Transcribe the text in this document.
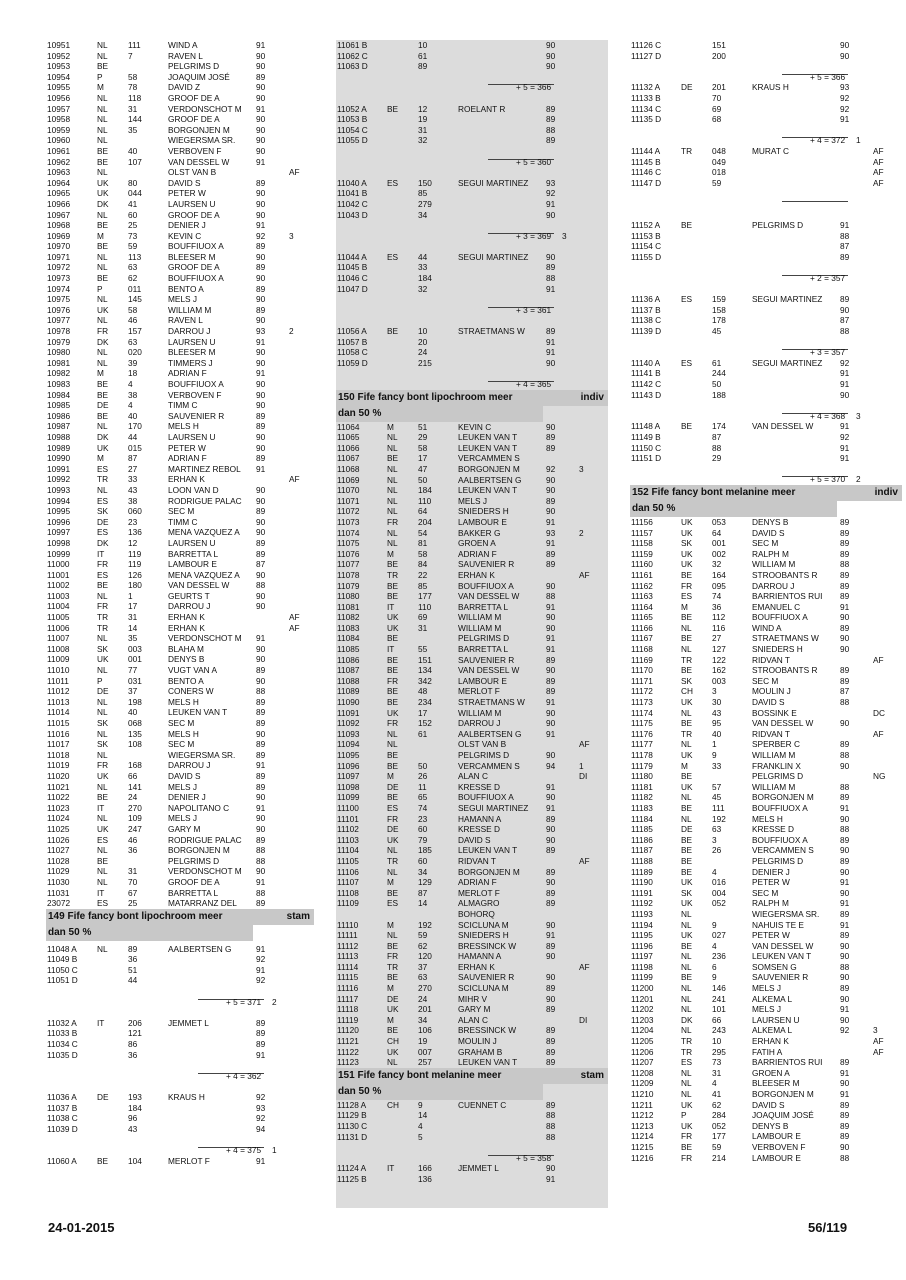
10951	NL 111	WIND A	91
10952	NL 7	RAVEN L	90
10953	BE	PELGRIMS D	90
10954	P	58	JOAQUIM JOSÉ	89
10955	M	78	DAVID Z	90
10956	NL 118	GROOF DE A	90
10957	NL 31	VERDONSCHOT M 91
10958	NL 144	GROOF DE A	90
10959	NL 35	BORGONJEN M	90
10960	NL	WIEGERSMA SR. 90
10961	BE 40	VERBOVEN F	90
10962	BE 107	VAN DESSEL W	91
10963	NL	OLST VAN B	AF
10964	UK 80	DAVID S	89
10965	UK 044	PETER W	90
10966	DK 41	LAURSEN U	90
10967	NL 60	GROOF DE A	90
10968	BE 25	DENIER J	91
10969	M	73	KEVIN C	92	3
10970	BE 59	BOUFFIUOX A	89
10971	NL 113	BLEESER M	90
10972	NL 63	GROOF DE A	89
10973	BE 62	BOUFFIUOX A	90
10974	P	011	BENTO A	89
10975	NL 145	MELS J	90
10976	UK 58	WILLIAM M	89
10977	NL 46	RAVEN L	90
10978	FR 157	DARROU J	93	2
10979	DK 63	LAURSEN U	91
10980	NL 020	BLEESER M	90
10981	NL 39	TIMMERS J	90
10982	M	18	ADRIAN F	91
10983	BE 4	BOUFFIUOX A	90
10984	BE 38	VERBOVEN F	90
10985	DE 4	TIMM C	90
10986	BE 40	SAUVENIER R	89
10987	NL 170	MELS H	89
10988	DK 44	LAURSEN U	90
10989	UK 015	PETER W	90
10990	M	87	ADRIAN F	89
10991	ES 27	MARTINEZ REBOL 91
10992	TR 33	ERHAN K	AF
10993	NL 43	LOON VAN D	90
10994	ES 38	RODRIGUE PALAC 90
10995	SK 060	SEC M	89
10996	DE 23	TIMM C	90
10997	ES 136	MENA VAZQUEZ A 90
10998	DK 12	LAURSEN U	89
10999	IT	119	BARRETTA L	89
11000	FR 119	LAMBOUR E	87
11001	ES 126	MENA VAZQUEZ A 90
11002	BE 180	VAN DESSEL W	88
11003	NL 1	GEURTS T	90
11004	FR 17	DARROU J	90
11005	TR 31	ERHAN K	AF
11006	TR 14	ERHAN K	AF
11007	NL 35	VERDONSCHOT M 91
11008	SK 003	BLAHA M	90
11009	UK 001	DENYS B	90
11010	NL 77	VUGT VAN A	89
11011	P	031	BENTO A	90
11012	DE 37	CONERS W	88
11013	NL 198	MELS H	89
11014	NL 40	LEUKEN VAN T	89
11015	SK 068	SEC M	89
11016	NL 135	MELS H	90
11017	SK 108	SEC M	89
11018	NL	WIEGERSMA SR. 89
11019	FR 168	DARROU J	91
11020	UK 66	DAVID S	89
11021	NL 141	MELS J	89
11022	BE 24	DENIER J	90
11023	IT	270	NAPOLITANO C	91
11024	NL 109	MELS J	90
11025	UK 247	GARY M	90
11026	ES 46	RODRIGUE PALAC 89
11027	NL 36	BORGONJEN M	88
11028	BE	PELGRIMS D	88
11029	NL 31	VERDONSCHOT M 90
11030	NL 70	GROOF DE A	91
11031	IT	67	BARRETTA L	88
23072	ES 25	MATARRANZ DEL 89
149 Fife fancy bont lipochroom meer	stam
dan 50 %
11048 A NL 89	AALBERTSEN G	91
11049 B	36	92
11050 C	51	91
11051 D	44	92
+ 5 = 371 2
11032 A IT	206	JEMMET L	89
11033 B	121	89
11034 C	86	89
11035 D	36	91
+ 4 = 362
11036 A DE 193	KRAUS H	92
11037 B	184	93
11038 C	96	92
11039 D	43	94
+ 4 = 375 1
11060 A BE 104	MERLOT F	91
11061 B	10	90
11062 C	61	90
11063 D	89	90
+ 5 = 366
11052 A BE 12	ROELANT R	89
11053 B	19	89
11054 C	31	88
11055 D	32	89
+ 5 = 360
11040 A ES 150	SEGUI MARTINEZ 93
11041 B	85	92
11042 C	279	91
11043 D	34	90
+ 3 = 369 3
11044 A ES 44	SEGUI MARTINEZ 90
11045 B	33	89
11046 C	184	88
11047 D	32	91
+ 3 = 361
11056 A BE 10	STRAETMANS W	89
11057 B	20	91
11058 C	24	91
11059 D	215	90
+ 4 = 365
150 Fife fancy bont lipochroom meer	indiv
dan 50 %
11064	M	51	KEVIN C	90
11065	NL 29	LEUKEN VAN T	89
11066	NL 58	LEUKEN VAN T	89
11067	BE 17	VERCAMMEN S
11068	NL 47	BORGONJEN M	92	3
11069	NL 50	AALBERTSEN G	90
11070	NL 184	LEUKEN VAN T	90
11071	NL 110	MELS J	89
11072	NL 64	SNIEDERS H	90
11073	FR 204	LAMBOUR E	91
11074	NL 54	BAKKER G	93	2
11075	NL 81	GROEN A	91
11076	M	58	ADRIAN F	89
11077	BE 84	SAUVENIER R	89
11078	TR 22	ERHAN K	AF
11079	BE 85	BOUFFIUOX A	90
11080	BE 177	VAN DESSEL W	88
11081	IT	110	BARRETTA L	91
11082	UK 69	WILLIAM M	90
11083	UK 31	WILLIAM M	90
11084	BE	PELGRIMS D	91
11085	IT	55	BARRETTA L	91
11086	BE 151	SAUVENIER R	89
11087	BE 134	VAN DESSEL W	90
11088	FR 342	LAMBOUR E	89
11089	BE 48	MERLOT F	89
11090	BE 234	STRAETMANS W	91
11091	UK 17	WILLIAM M	90
11092	FR 152	DARROU J	90
11093	NL 61	AALBERTSEN G	91
11094	NL	OLST VAN B	AF
11095	BE	PELGRIMS D	90
11096	BE 50	VERCAMMEN S	94	1
11097	M	26	ALAN C	DI
11098	DE 11	KRESSE D	91
11099	BE 65	BOUFFIUOX A	90
11100	ES 74	SEGUI MARTINEZ 91
11101	FR 23	HAMANN A	89
11102	DE 60	KRESSE D	90
11103	UK 79	DAVID S	90
11104	NL 185	LEUKEN VAN T	89
11105	TR 60	RIDVAN T	AF
11106	NL 34	BORGONJEN M	89
11107	M	129	ADRIAN F	90
11108	BE 87	MERLOT F	89
11109	ES 14	ALMAGRO	89
BOHORQ
11110	M	192	SCICLUNA M	90
11111	NL 59	SNIEDERS H	91
11112	BE 62	BRESSINCK W	89
11113	FR 120	HAMANN A	90
11114	TR 37	ERHAN K	AF
11115	BE 63	SAUVENIER R	90
11116	M	270	SCICLUNA M	89
11117	DE 24	MIHR V	90
11118	UK 201	GARY M	89
11119	M	34	ALAN C	DI
11120	BE 106	BRESSINCK W	89
11121	CH 19	MOULIN J	89
11122	UK 007	GRAHAM B	89
11123	NL 257	LEUKEN VAN T	89
151 Fife fancy bont melanine meer	stam
dan 50 %
11128 A	CH 9	CUENNET C	89
11129 B	14	88
11130 C	4	88
11131 D	5	88
+ 5 = 358
11124 A	IT	166	JEMMET L	90
11125 B	136	91
11126 C	151	90
11127 D	200	90
+ 5 = 366
11132 A	DE 201	KRAUS H	93
11133 B	70	92
11134 C	69	92
11135 D	68	91
+ 4 = 372 1
11144 A	TR 048	MURAT C	AF
11145 B	049	AF
11146 C	018	AF
11147 D	59	AF
11152 A	BE	PELGRIMS D	91
11153 B	88
11154 C	87
11155 D	89
+ 2 = 357
11136 A	ES 159	SEGUI MARTINEZ 89
11137 B	158	90
11138 C	178	87
11139 D	45	88
+ 3 = 357
11140 A	ES 61	SEGUI MARTINEZ 92
11141 B	244	91
11142 C	50	91
11143 D	188	90
+ 4 = 368 3
11148 A	BE 174	VAN DESSEL W	91
11149 B	87	92
11150 C	88	91
11151 D	29	91
+ 5 = 370 2
152 Fife fancy bont melanine meer	indiv
dan 50 %
11156	UK 053	DENYS B	89
11157	UK 64	DAVID S	89
11158	SK 001	SEC M	89
11159	UK 002	RALPH M	89
11160	UK 32	WILLIAM M	88
11161	BE 164	STROOBANTS R	89
11162	FR 095	DARROU J	89
11163	ES 74	BARRIENTOS RUI 89
11164	M	36	EMANUEL C	91
11165	BE 112	BOUFFIUOX A	90
11166	NL 116	WIND A	89
11167	BE 27	STRAETMANS W	90
11168	NL 127	SNIEDERS H	90
11169	TR 122	RIDVAN T	AF
11170	BE 162	STROOBANTS R	89
11171	SK 003	SEC M	89
11172	CH 3	MOULIN J	87
11173	UK 30	DAVID S	88
11174	NL 43	BOSSINK E	DC
11175	BE 95	VAN DESSEL W	90
11176	TR 40	RIDVAN T	AF
11177	NL 1	SPERBER C	89
11178	UK 9	WILLIAM M	88
11179	M	33	FRANKLIN X	90
11180	BE	PELGRIMS D	NG
11181	UK 57	WILLIAM M	88
11182	NL 45	BORGONJEN M	89
11183	BE 111	BOUFFIUOX A	91
11184	NL 192	MELS H	90
11185	DE 63	KRESSE D	88
11186	BE 3	BOUFFIUOX A	89
11187	BE 26	VERCAMMEN S	90
11188	BE	PELGRIMS D	89
11189	BE 4	DENIER J	90
11190	UK 016	PETER W	91
11191	SK 004	SEC M	90
11192	UK 052	RALPH M	91
11193	NL	WIEGERSMA SR. 89
11194	NL 9	NAHUIS TE E	91
11195	UK 027	PETER W	89
11196	BE 4	VAN DESSEL W	90
11197	NL 236	LEUKEN VAN T	90
11198	NL 6	SOMSEN G	88
11199	BE 9	SAUVENIER R	90
11200	NL 146	MELS J	89
11201	NL 241	ALKEMA L	90
11202	NL 101	MELS J	91
11203	DK 66	LAURSEN U	90
11204	NL 243	ALKEMA L	92	3
11205	TR 10	ERHAN K	AF
11206	TR 295	FATIH A	AF
11207	ES 73	BARRIENTOS RUI 89
11208	NL 31	GROEN A	91
11209	NL 4	BLEESER M	90
11210	NL 41	BORGONJEN M	91
11211	UK 62	DAVID S	89
11212	P	284	JOAQUIM JOSÉ	89
11213	UK 052	DENYS B	89
11214	FR 177	LAMBOUR E	89
11215	BE 59	VERBOVEN F	90
11216	FR 214	LAMBOUR E	88
24-01-2015	56/119
